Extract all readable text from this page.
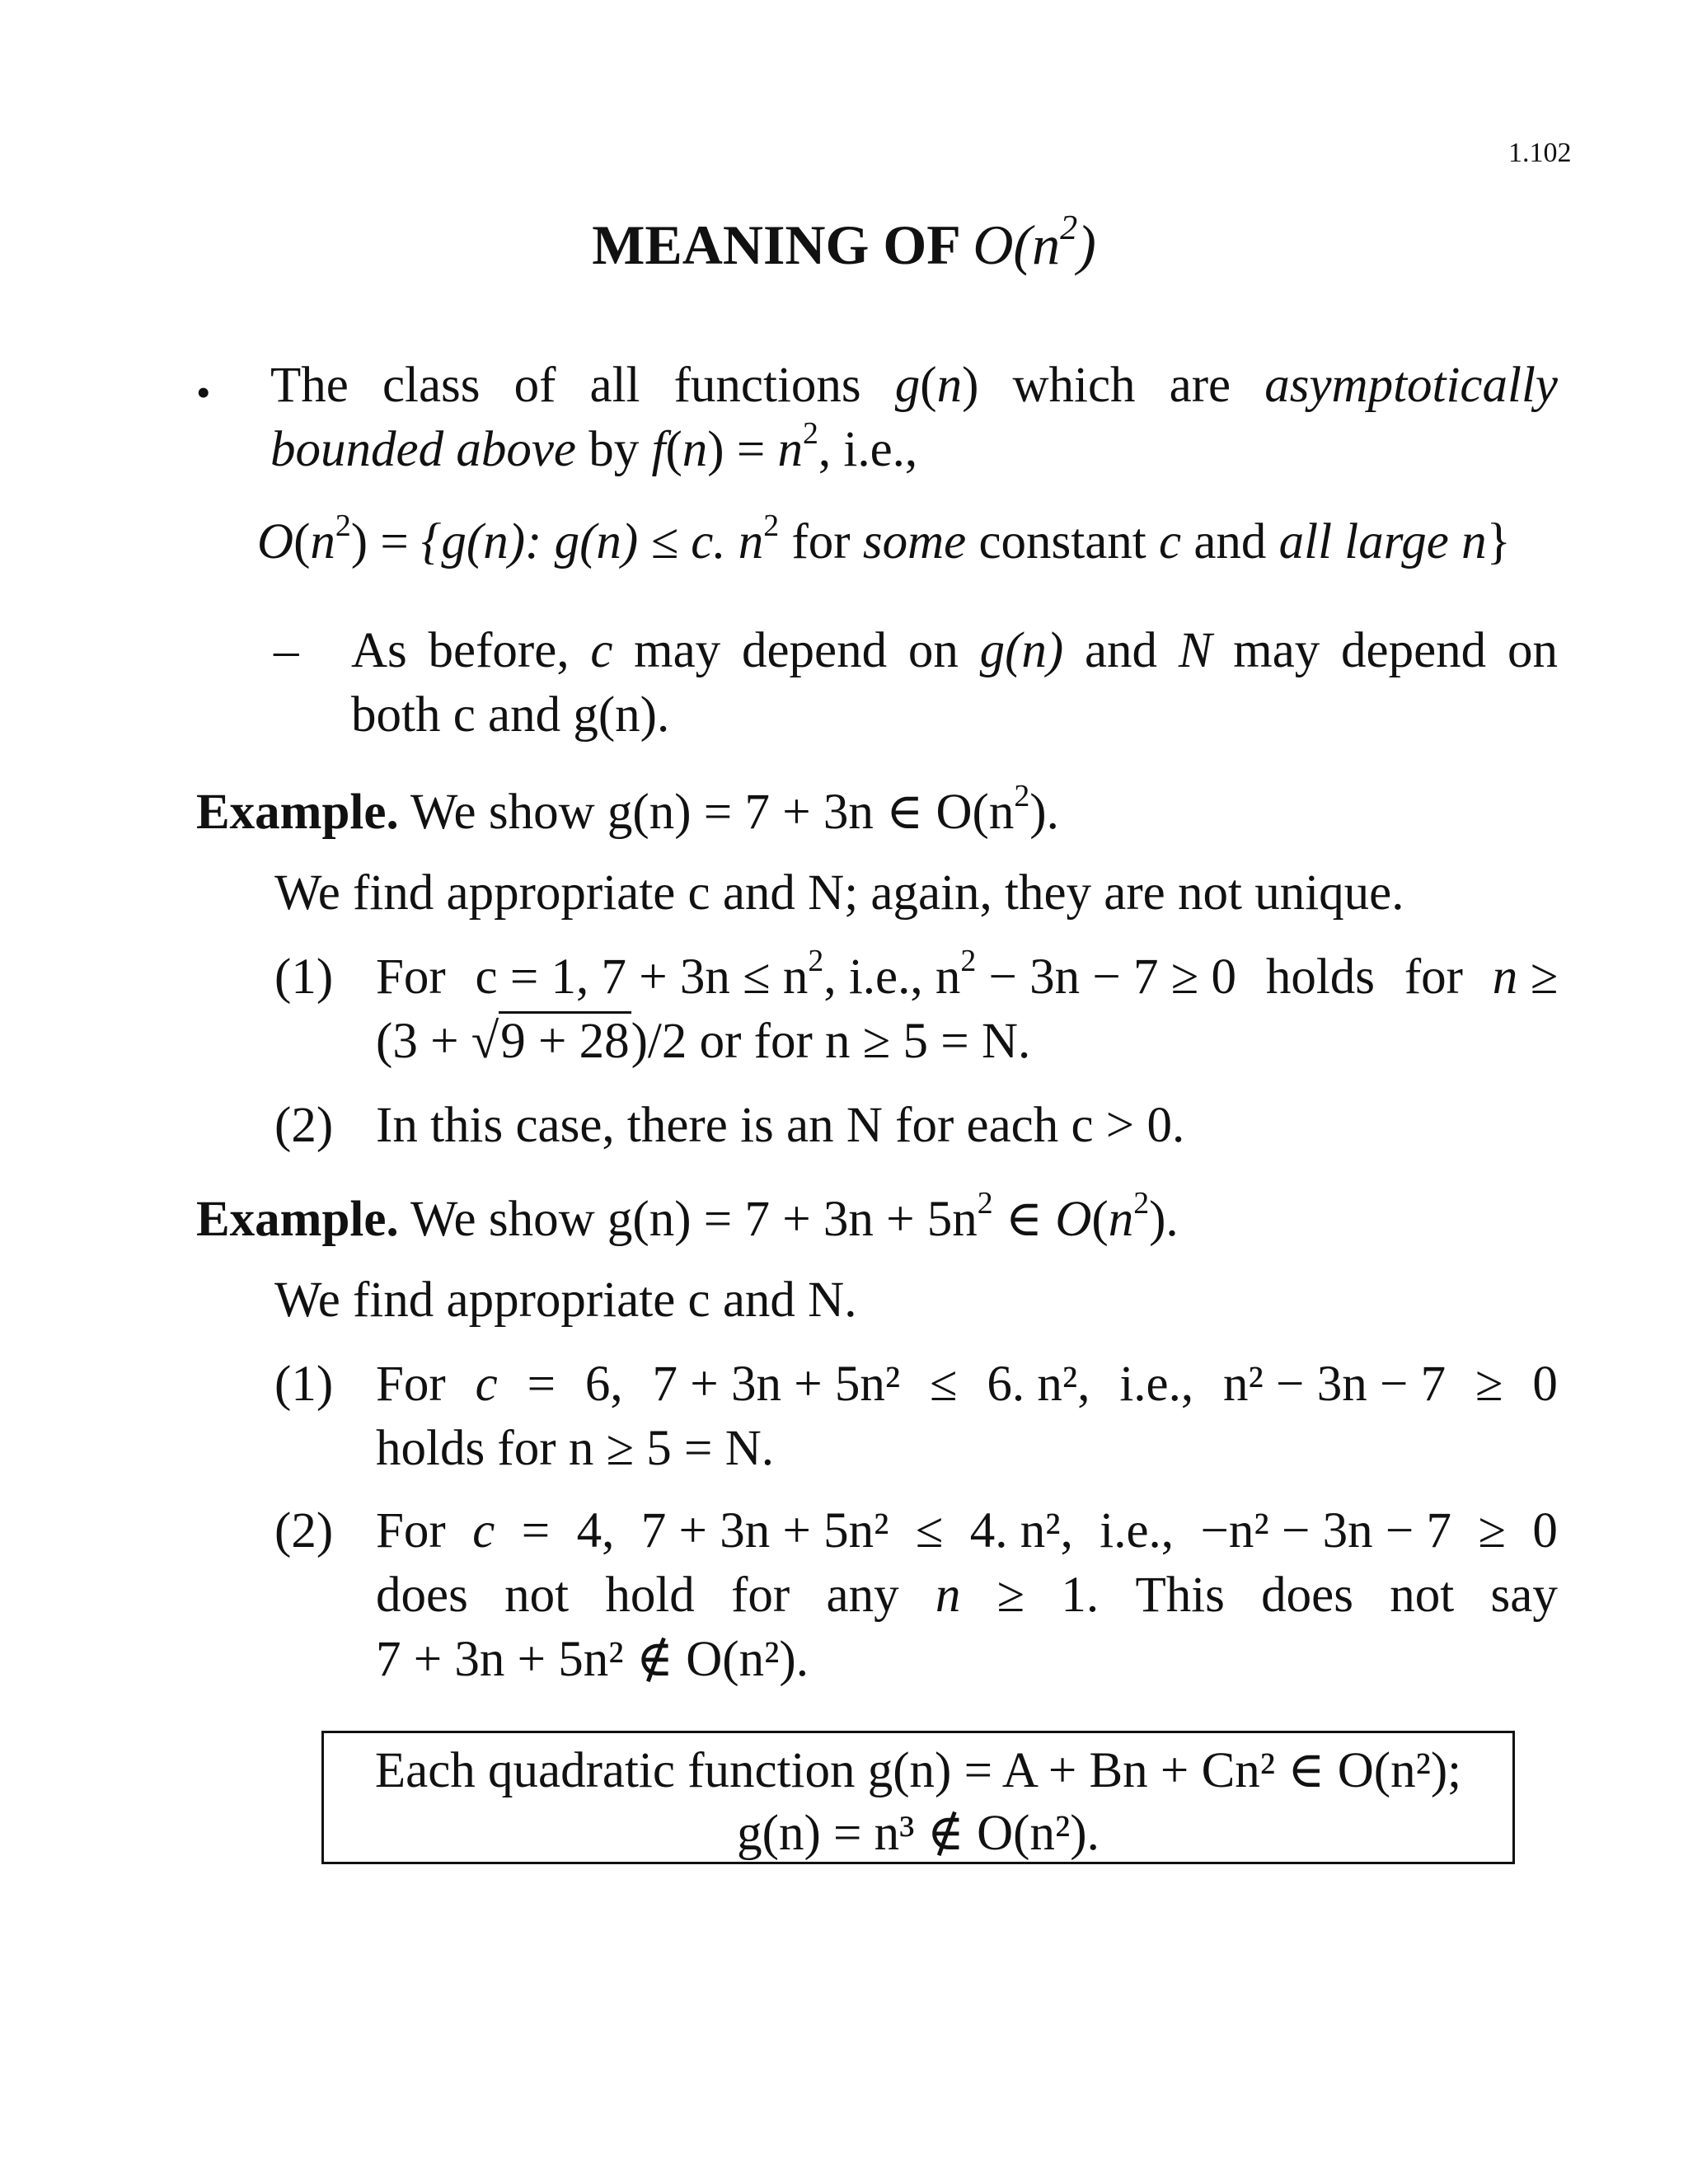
1.102
MEANING OF $O(n^2)$
• The class of all functions g(n) which are asymptotically
bounded above by $f(n) = n^2$, i.e.,
$O(n^2) = \{g(n)$: g(n) ≤ c. $n^2$ for some constant c and all large n}
– As before, c may depend on g(n) and N may depend on
both c and g(n).
Example. We show g(n) = 7 + 3n ∈ $O(n^2)$.
We find appropriate c and N; again, they are not unique.
(1) For c = 1, $7 + 3n \le n^2$, i.e., $n^2 - 3n - 7 \ge 0$ holds for n ≥
(3 + √9 + 28)/2 or for n ≥ 5 = N.
(2) In this case, there is an N for each c > 0.
Example. We show $g(n) = 7 + 3n + 5n^2$ ∈ $O(n^2)$.
We find appropriate c and N.
(1) For c = 6, 7 + 3n + 5n² ≤ 6. n², i.e., n² − 3n − 7 ≥ 0
holds for n ≥ 5 = N.
(2) For c = 4, 7 + 3n + 5n² ≤ 4. n², i.e., −n² − 3n − 7 ≥ 0
does not hold for any n ≥ 1. This does not say
7 + 3n + 5n² ∉ O(n²).
Each quadratic function g(n) = A + Bn + Cn² ∈ O(n²);
g(n) = n³ ∉ O(n²).
